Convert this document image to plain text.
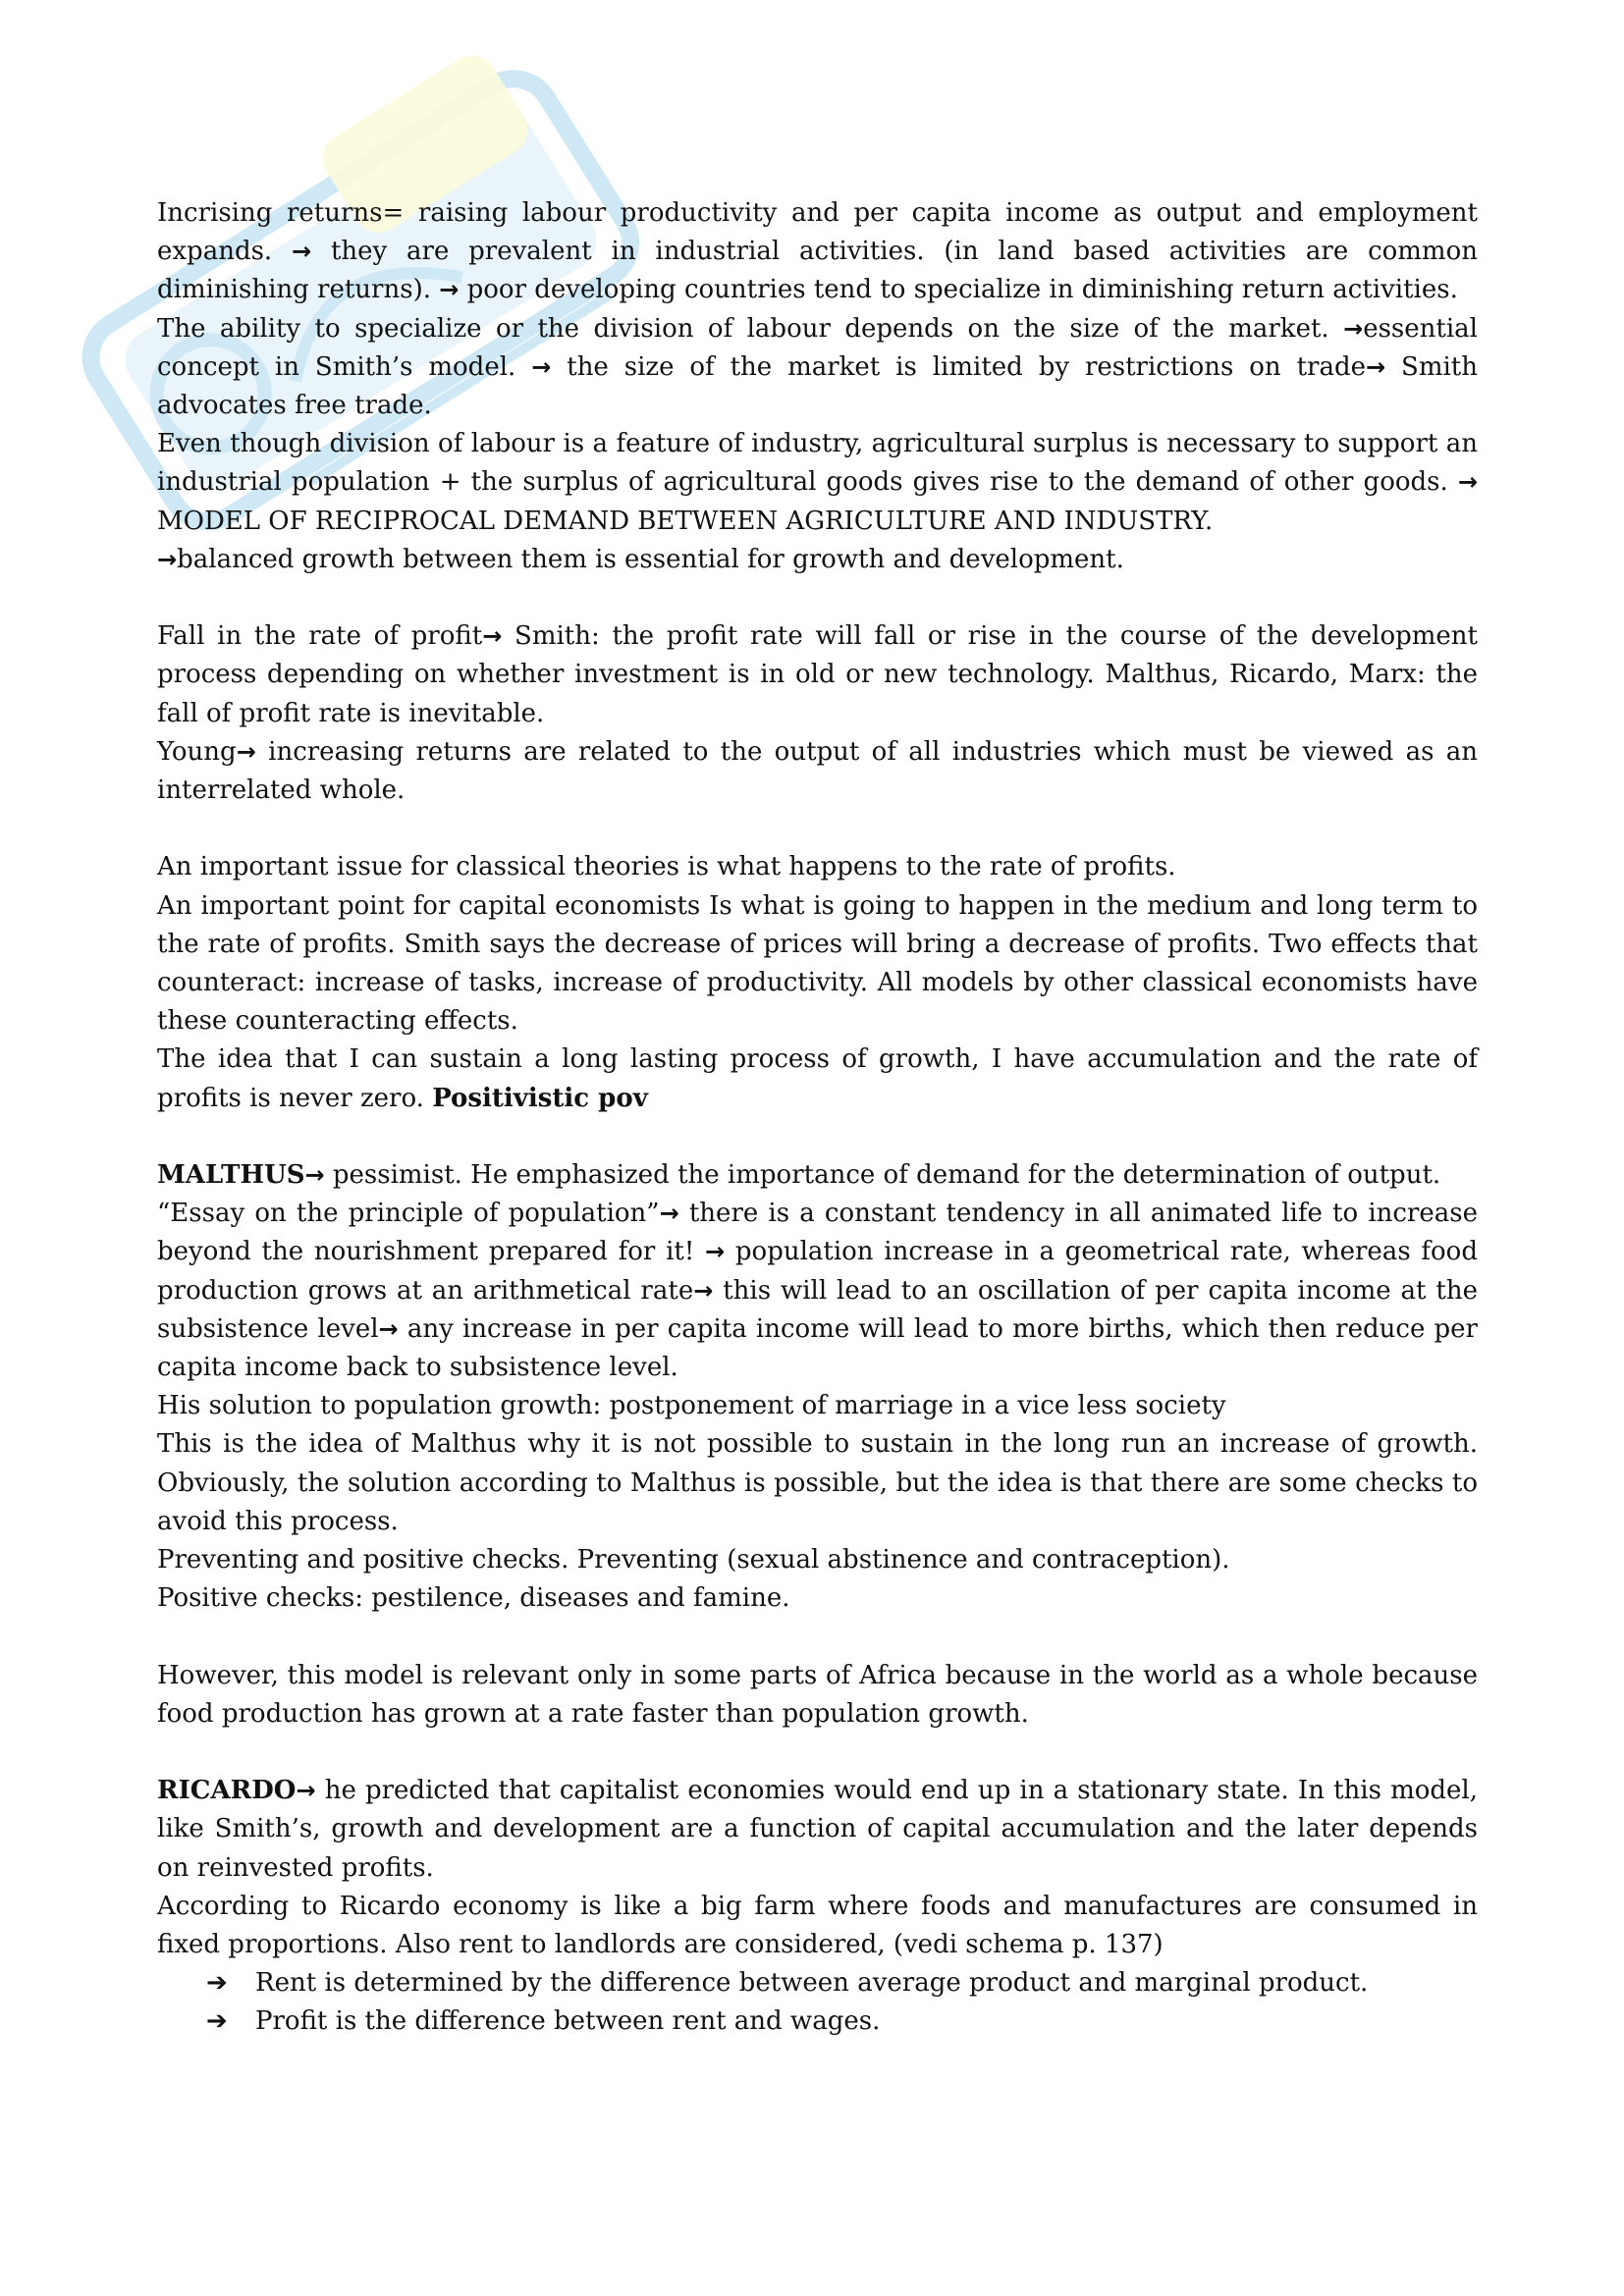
Incrising returns= raising labour productivity and per capita income as output and employment expands. → they are prevalent in industrial activities. (in land based activities are common diminishing returns). → poor developing countries tend to specialize in diminishing return activities.

The ability to specialize or the division of labour depends on the size of the market. →essential concept in Smith’s model. → the size of the market is limited by restrictions on trade→ Smith advocates free trade.

Even though division of labour is a feature of industry, agricultural surplus is necessary to support an industrial population + the surplus of agricultural goods gives rise to the demand of other goods. → MODEL OF RECIPROCAL DEMAND BETWEEN AGRICULTURE AND INDUSTRY.

→balanced growth between them is essential for growth and development.

Fall in the rate of profit→ Smith: the profit rate will fall or rise in the course of the development process depending on whether investment is in old or new technology. Malthus, Ricardo, Marx: the fall of profit rate is inevitable.

Young→ increasing returns are related to the output of all industries which must be viewed as an interrelated whole.

An important issue for classical theories is what happens to the rate of profits.

An important point for capital economists Is what is going to happen in the medium and long term to the rate of profits. Smith says the decrease of prices will bring a decrease of profits. Two effects that counteract: increase of tasks, increase of productivity. All models by other classical economists have these counteracting effects.

The idea that I can sustain a long lasting process of growth, I have accumulation and the rate of profits is never zero. Positivistic pov

MALTHUS→ pessimist. He emphasized the importance of demand for the determination of output.

“Essay on the principle of population”→ there is a constant tendency in all animated life to increase beyond the nourishment prepared for it! → population increase in a geometrical rate, whereas food production grows at an arithmetical rate→ this will lead to an oscillation of per capita income at the subsistence level→ any increase in per capita income will lead to more births, which then reduce per capita income back to subsistence level.

His solution to population growth: postponement of marriage in a vice less society

This is the idea of Malthus why it is not possible to sustain in the long run an increase of growth. Obviously, the solution according to Malthus is possible, but the idea is that there are some checks to avoid this process.

Preventing and positive checks. Preventing (sexual abstinence and contraception).

Positive checks: pestilence, diseases and famine.

However, this model is relevant only in some parts of Africa because in the world as a whole because food production has grown at a rate faster than population growth.

RICARDO→ he predicted that capitalist economies would end up in a stationary state. In this model, like Smith’s, growth and development are a function of capital accumulation and the later depends on reinvested profits.

According to Ricardo economy is like a big farm where foods and manufactures are consumed in fixed proportions. Also rent to landlords are considered, (vedi schema p. 137)

➔ Rent is determined by the difference between average product and marginal product.
➔ Profit is the difference between rent and wages.
